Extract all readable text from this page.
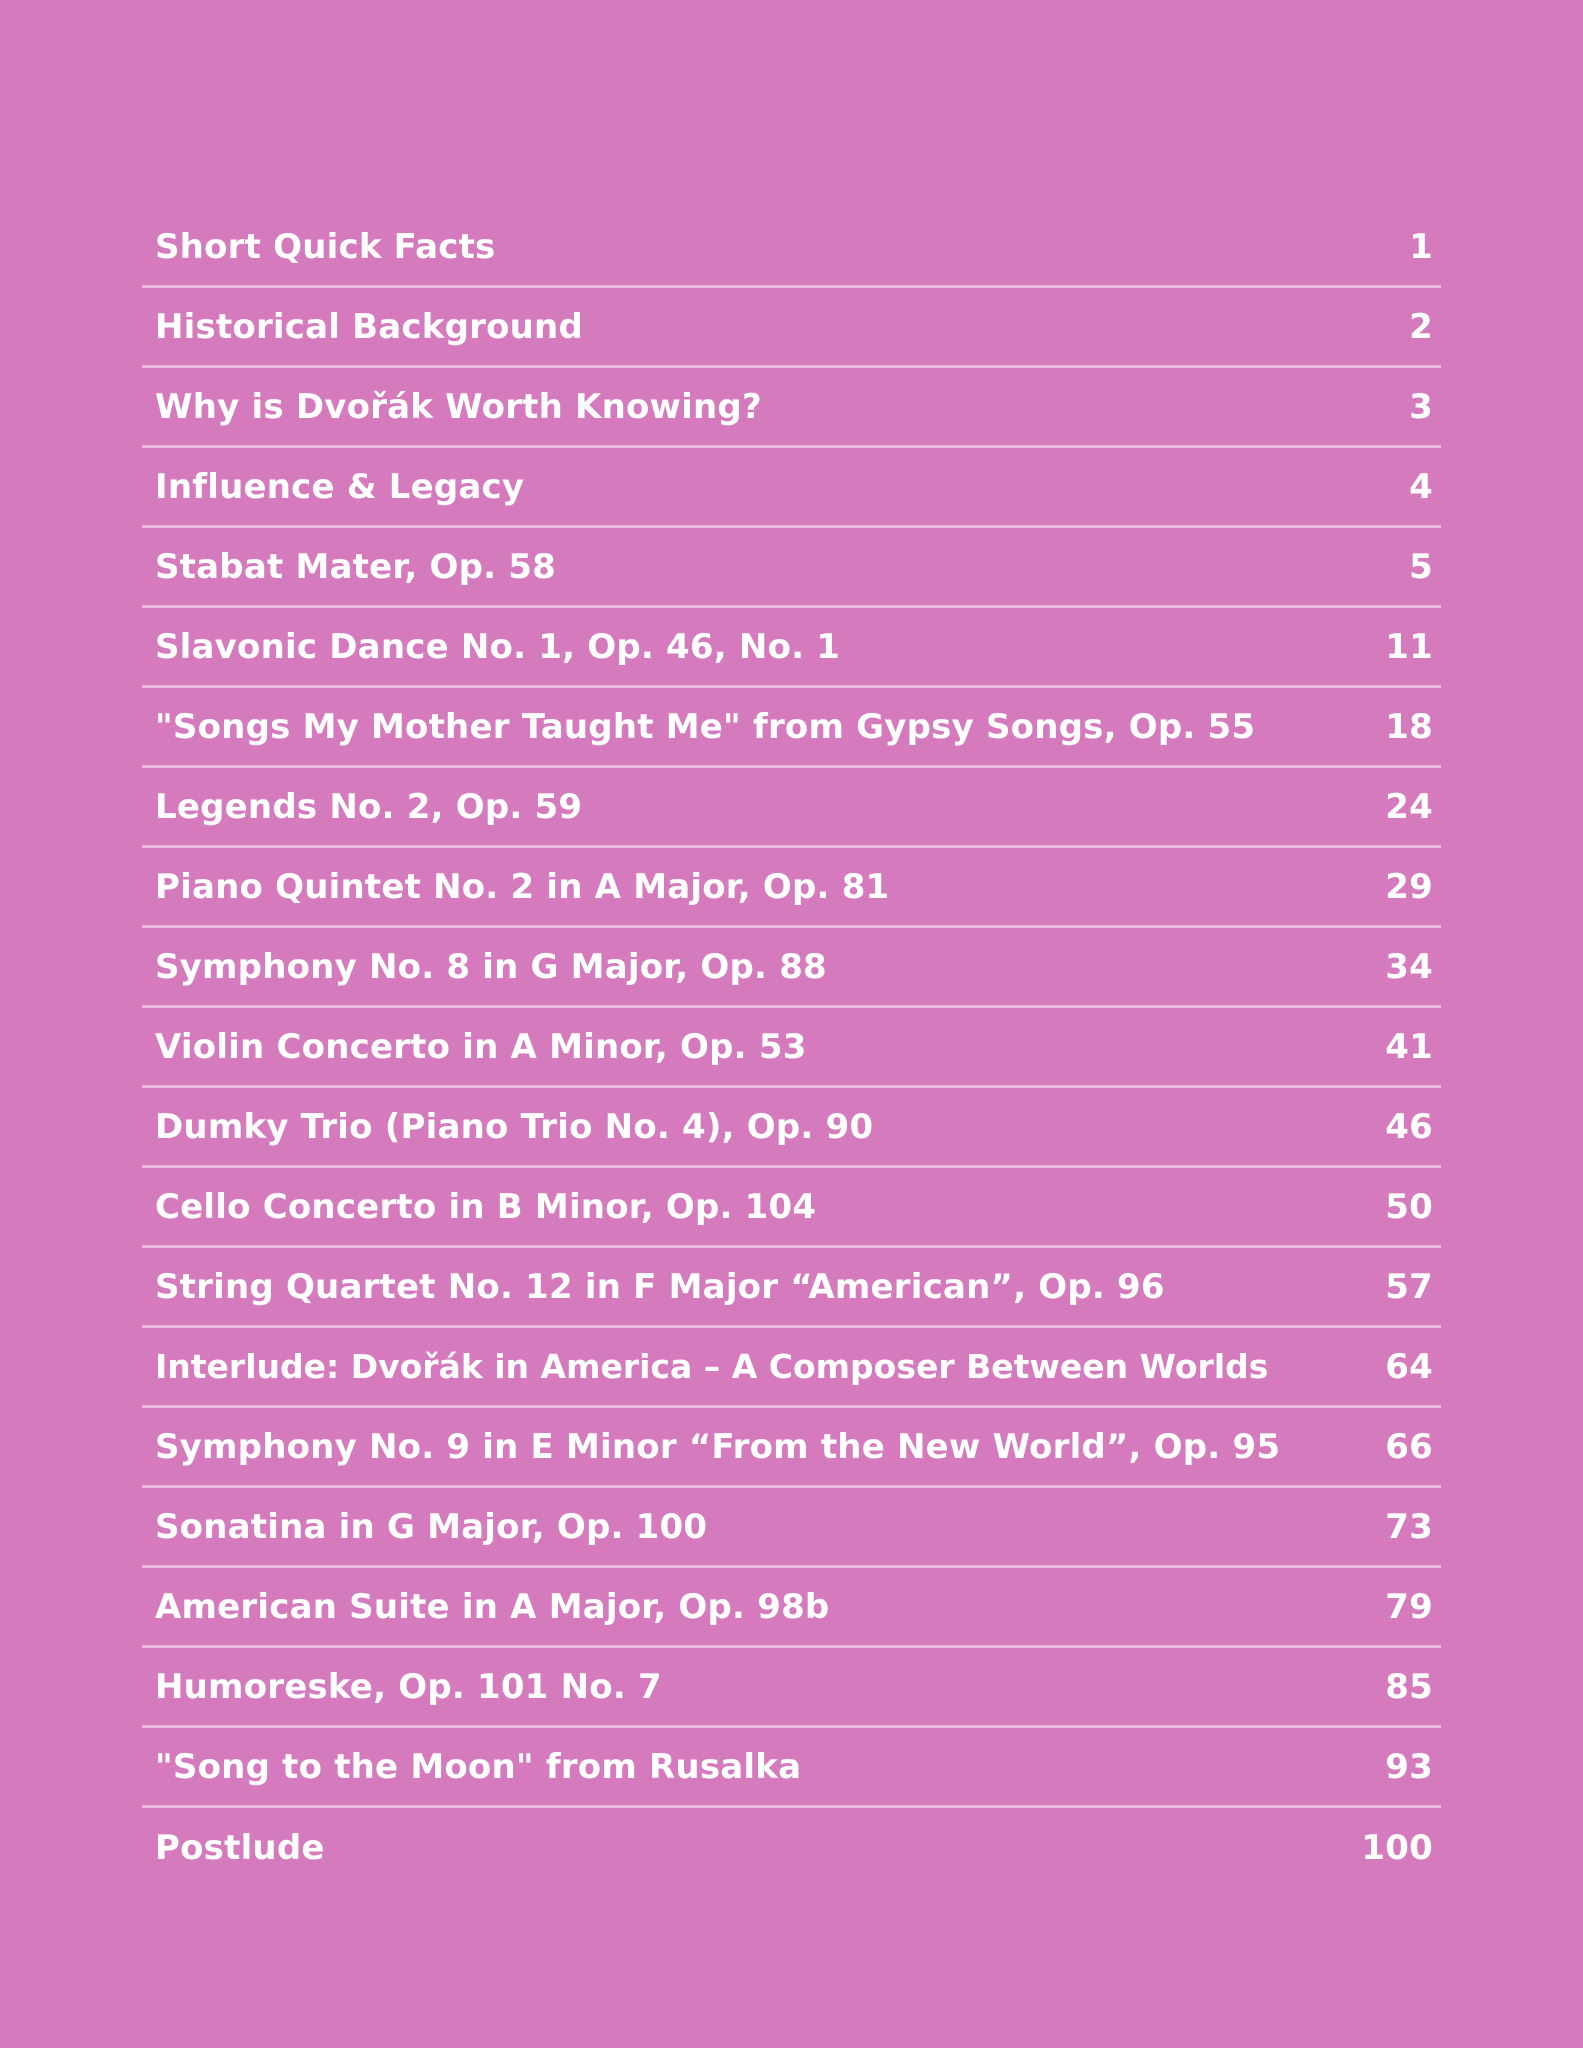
Short Quick Facts	1
Historical Background	2
Why is Dvořák Worth Knowing?	3
Influence & Legacy	4
Stabat Mater, Op. 58	5
Slavonic Dance No. 1, Op. 46, No. 1	11
"Songs My Mother Taught Me" from Gypsy Songs, Op. 55	18
Legends No. 2, Op. 59	24
Piano Quintet No. 2 in A Major, Op. 81	29
Symphony No. 8 in G Major, Op. 88	34
Violin Concerto in A Minor, Op. 53	41
Dumky Trio (Piano Trio No. 4), Op. 90	46
Cello Concerto in B Minor, Op. 104	50
String Quartet No. 12 in F Major “American”, Op. 96	57
Interlude: Dvořák in America – A Composer Between Worlds	64
Symphony No. 9 in E Minor “From the New World”, Op. 95	66
Sonatina in G Major, Op. 100	73
American Suite in A Major, Op. 98b	79
Humoreske, Op. 101 No. 7	85
"Song to the Moon" from Rusalka	93
Postlude	100
